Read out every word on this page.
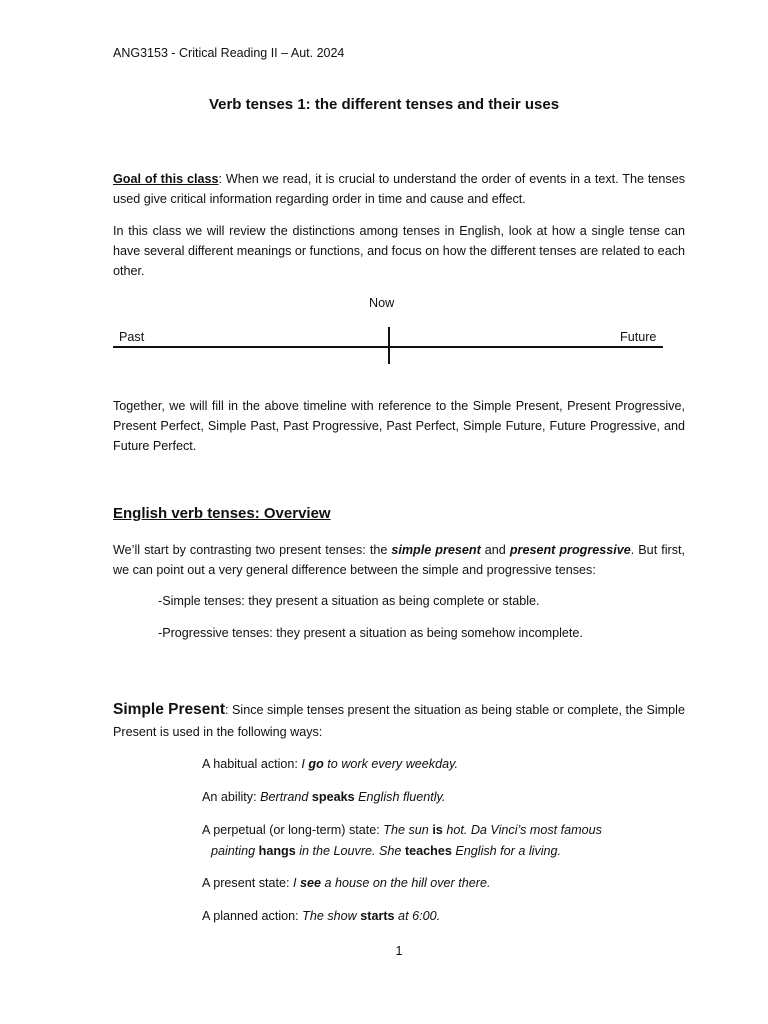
ANG3153 - Critical Reading II – Aut. 2024
Verb tenses 1: the different tenses and their uses
Goal of this class: When we read, it is crucial to understand the order of events in a text. The tenses used give critical information regarding order in time and cause and effect.
In this class we will review the distinctions among tenses in English, look at how a single tense can have several different meanings or functions, and focus on how the different tenses are related to each other.
Now
Past	Future
Together, we will fill in the above timeline with reference to the Simple Present, Present Progressive, Present Perfect, Simple Past, Past Progressive, Past Perfect, Simple Future, Future Progressive, and Future Perfect.
English verb tenses: Overview
We’ll start by contrasting two present tenses: the simple present and present progressive. But first, we can point out a very general difference between the simple and progressive tenses:
-Simple tenses: they present a situation as being complete or stable.
-Progressive tenses: they present a situation as being somehow incomplete.
Simple Present: Since simple tenses present the situation as being stable or complete, the Simple Present is used in the following ways:
A habitual action: I go to work every weekday.
An ability: Bertrand speaks English fluently.
A perpetual (or long-term) state: The sun is hot. Da Vinci’s most famous
painting hangs in the Louvre. She teaches English for a living.
A present state: I see a house on the hill over there.
A planned action: The show starts at 6:00.
1
